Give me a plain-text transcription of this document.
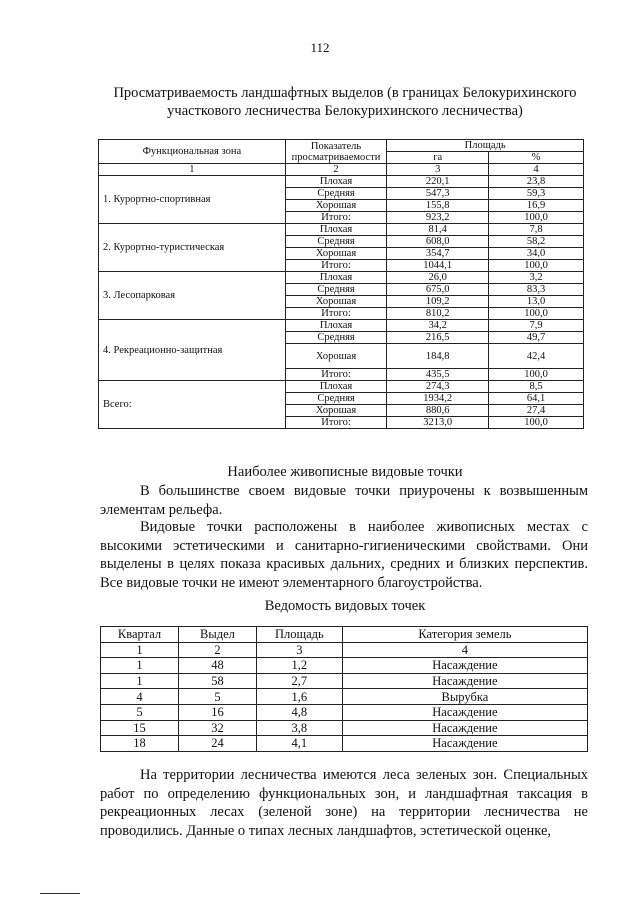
112
Просматриваемость ландшафтных выделов (в границах Белокурихинского участкового лесничества Белокурихинского лесничества)
Функциональная зона	Показатель просматриваемости	Площадь	
		га	%
1	2	3	4
1. Курортно-спортивная	Плохая	220,1	23,8
	Средняя	547,3	59,3
	Хорошая	155,8	16,9
	Итого:	923,2	100,0
2. Курортно-туристическая	Плохая	81,4	7,8
	Средняя	608,0	58,2
	Хорошая	354,7	34,0
	Итого:	1044,1	100,0
3. Лесопарковая	Плохая	26,0	3,2
	Средняя	675,0	83,3
	Хорошая	109,2	13,0
	Итого:	810,2	100,0
4. Рекреационно-защитная	Плохая	34,2	7,9
	Средняя	216,5	49,7
	Хорошая	184,8	42,4
	Итого:	435,5	100,0
Всего:	Плохая	274,3	8,5
	Средняя	1934,2	64,1
	Хорошая	880,6	27,4
	Итого:	3213,0	100,0
Наиболее живописные видовые точки
В большинстве своем видовые точки приурочены к возвышенным элементам рельефа.
Видовые точки расположены в наиболее живописных местах с высокими эстетическими и санитарно-гигиеническими свойствами. Они выделены в целях показа красивых дальних, средних и близких перспектив. Все видовые точки не имеют элементарного благоустройства.
Ведомость видовых точек
Квартал	Выдел	Площадь	Категория земель
1	2	3	4
1	48	1,2	Насаждение
1	58	2,7	Насаждение
4	5	1,6	Вырубка
5	16	4,8	Насаждение
15	32	3,8	Насаждение
18	24	4,1	Насаждение
На территории лесничества имеются леса зеленых зон. Специальных работ по определению функциональных зон, и ландшафтная таксация в рекреационных лесах (зеленой зоне) на территории лесничества не проводились. Данные о типах лесных ландшафтов, эстетической оценке,
